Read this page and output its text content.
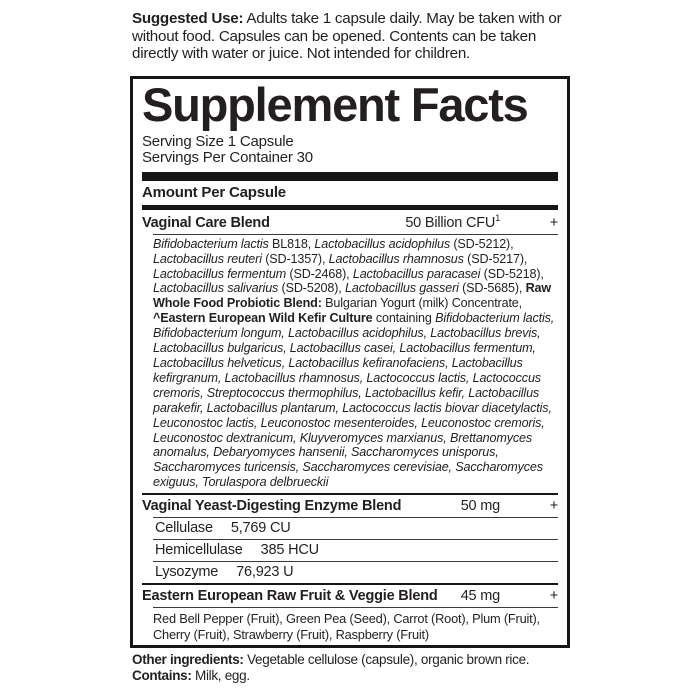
Suggested Use: Adults take 1 capsule daily. May be taken with or without food. Capsules can be opened. Contents can be taken directly with water or juice. Not intended for children.

Supplement Facts
Serving Size 1 Capsule
Servings Per Container 30
Amount Per Capsule
Vaginal Care Blend	50 Billion $CFU^1$	+
Bifidobacterium lactis BL818, Lactobacillus acidophilus (SD-5212), Lactobacillus reuteri (SD-1357), Lactobacillus rhamnosus (SD-5217), Lactobacillus fermentum (SD-2468), Lactobacillus paracasei (SD-5218), Lactobacillus salivarius (SD-5208), Lactobacillus gasseri (SD-5685), Raw Whole Food Probiotic Blend: Bulgarian Yogurt (milk) Concentrate, ^Eastern European Wild Kefir Culture containing Bifidobacterium lactis, Bifidobacterium longum, Lactobacillus acidophilus, Lactobacillus brevis, Lactobacillus bulgaricus, Lactobacillus casei, Lactobacillus fermentum, Lactobacillus helveticus, Lactobacillus kefiranofaciens, Lactobacillus kefirgranum, Lactobacillus rhamnosus, Lactococcus lactis, Lactococcus cremoris, Streptococcus thermophilus, Lactobacillus kefir, Lactobacillus parakefir, Lactobacillus plantarum, Lactococcus lactis biovar diacetylactis, Leuconostoc lactis, Leuconostoc mesenteroides, Leuconostoc cremoris, Leuconostoc dextranicum, Kluyveromyces marxianus, Brettanomyces anomalus, Debaryomyces hansenii, Saccharomyces unisporus, Saccharomyces turicensis, Saccharomyces cerevisiae, Saccharomyces exiguus, Torulaspora delbrueckii
Vaginal Yeast-Digesting Enzyme Blend	50 mg	+
Cellulase 5,769 CU
Hemicellulase 385 HCU
Lysozyme 76,923 U
Eastern European Raw Fruit & Veggie Blend 45 mg	+
Red Bell Pepper (Fruit), Green Pea (Seed), Carrot (Root), Plum (Fruit), Cherry (Fruit), Strawberry (Fruit), Raspberry (Fruit)

Other ingredients: Vegetable cellulose (capsule), organic brown rice.
Contains: Milk, egg.
